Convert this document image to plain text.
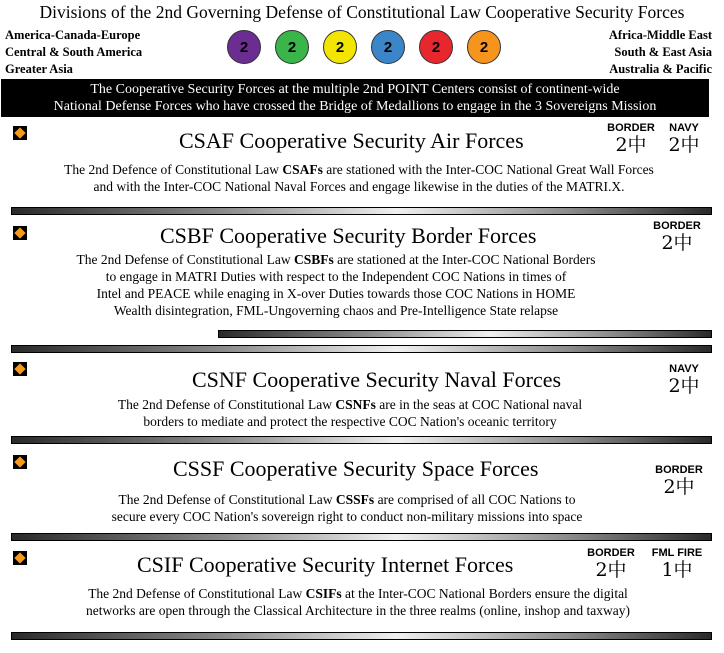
Divisions of the 2nd Governing Defense of Constitutional Law Cooperative Security Forces
America-Canada-Europe
Central & South America
Greater Asia
2	2	2	2	2	2
Africa-Middle East
South & East Asia
Australia & Pacific
The Cooperative Security Forces at the multiple 2nd POINT Centers consist of continent-wide
National Defense Forces who have crossed the Bridge of Medallions to engage in the 3 Sovereigns Mission
CSAF Cooperative Security Air Forces	BORDER
2中
NAVY
2中
The 2nd Defence of Constitutional Law CSAFs are stationed with the Inter-COC National Great Wall Forces
and with the Inter-COC National Naval Forces and engage likewise in the duties of the MATRI.X.
CSBF Cooperative Security Border Forces	BORDER
2中
The 2nd Defense of Constitutional Law CSBFs are stationed at the Inter-COC National Borders
to engage in MATRI Duties with respect to the Independent COC Nations in times of
Intel and PEACE while enaging in X-over Duties towards those COC Nations in HOME
Wealth disintegration, FML-Ungoverning chaos and Pre-Intelligence State relapse
CSNF Cooperative Security Naval Forces	NAVY
2中
The 2nd Defense of Constitutional Law CSNFs are in the seas at COC National naval
borders to mediate and protect the respective COC Nation's oceanic territory
CSSF Cooperative Security Space Forces	BORDER
2中
The 2nd Defense of Constitutional Law CSSFs are comprised of all COC Nations to
secure every COC Nation's sovereign right to conduct non-military missions into space
CSIF Cooperative Security Internet Forces	BORDER
2中
FML FIRE
1中
The 2nd Defense of Constitutional Law CSIFs at the Inter-COC National Borders ensure the digital
networks are open through the Classical Architecture in the three realms (online, inshop and taxway)
